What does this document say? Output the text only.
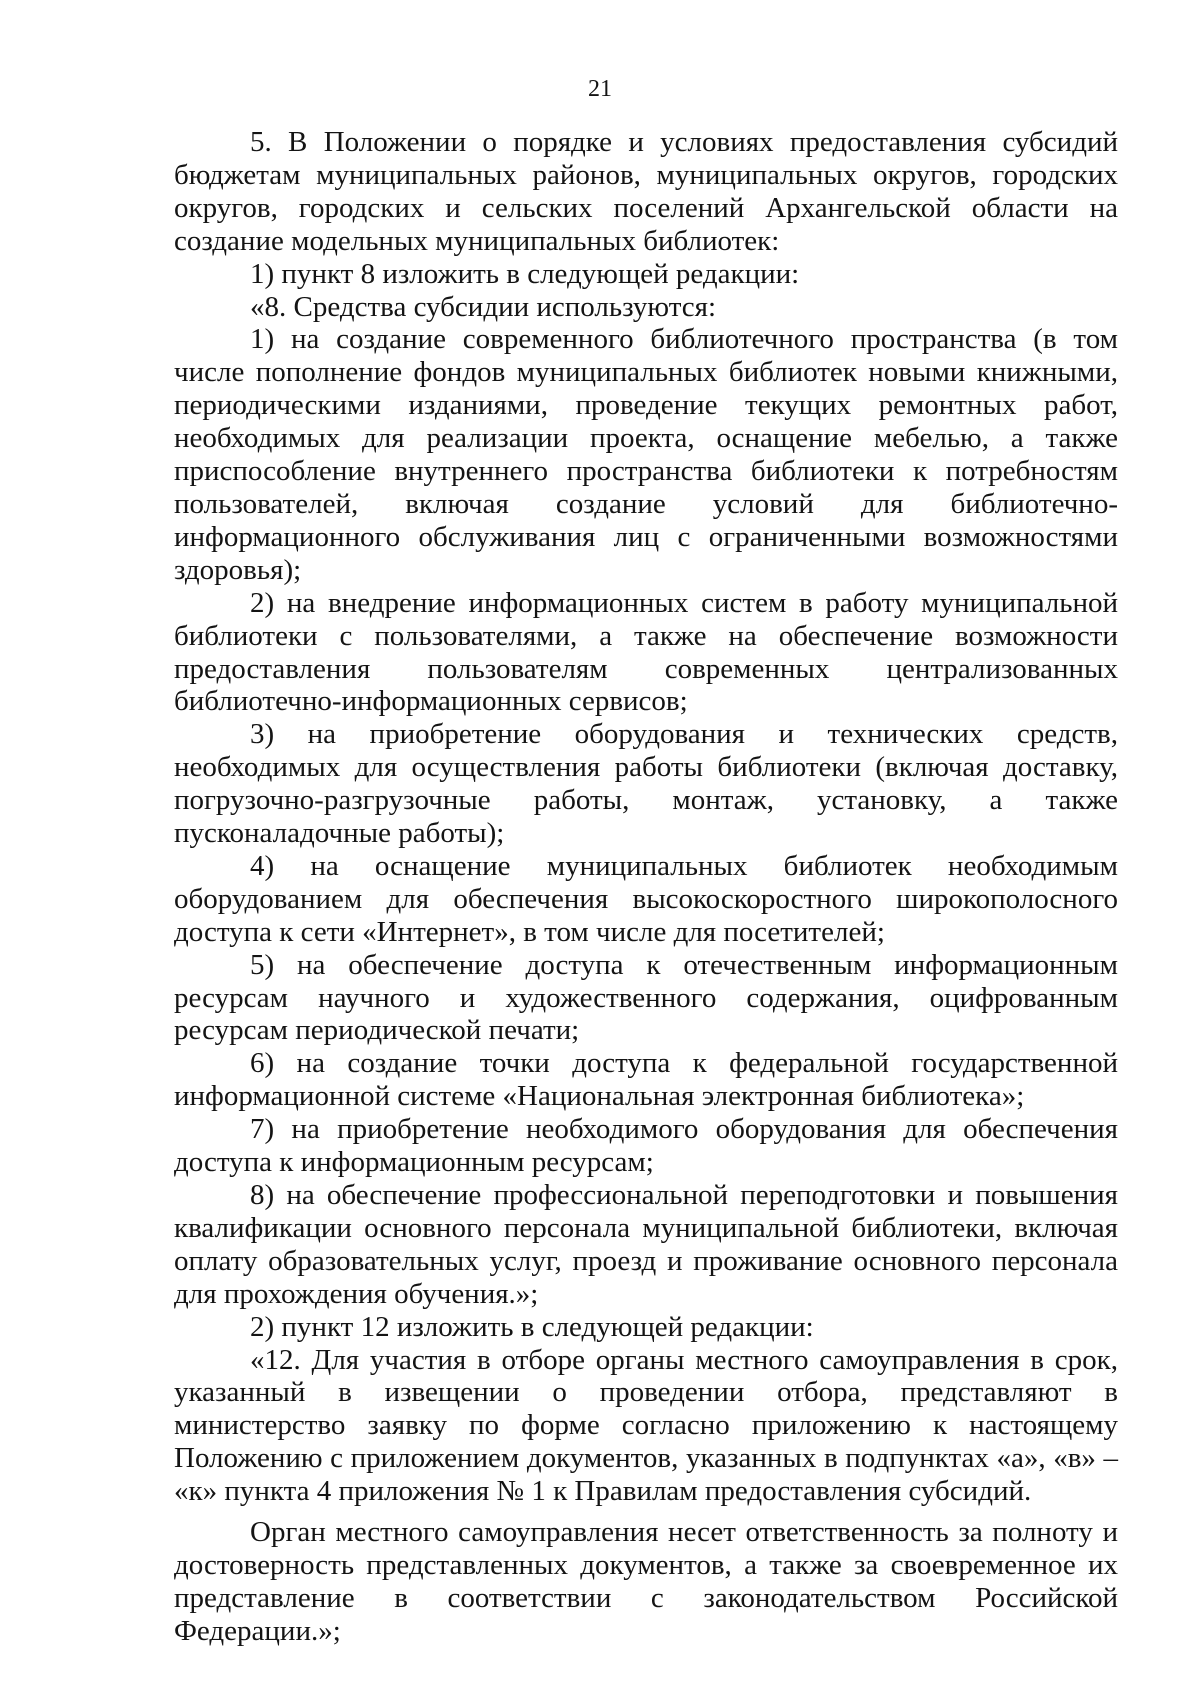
21

5. В Положении о порядке и условиях предоставления субсидий бюджетам муниципальных районов, муниципальных округов, городских округов, городских и сельских поселений Архангельской области на создание модельных муниципальных библиотек:

1) пункт 8 изложить в следующей редакции:

«8. Средства субсидии используются:

1) на создание современного библиотечного пространства (в том числе пополнение фондов муниципальных библиотек новыми книжными, периодическими изданиями, проведение текущих ремонтных работ, необходимых для реализации проекта, оснащение мебелью, а также приспособление внутреннего пространства библиотеки к потребностям пользователей, включая создание условий для библиотечно-информационного обслуживания лиц с ограниченными возможностями здоровья);

2) на внедрение информационных систем в работу муниципальной библиотеки с пользователями, а также на обеспечение возможности предоставления пользователям современных централизованных библиотечно-информационных сервисов;

3) на приобретение оборудования и технических средств, необходимых для осуществления работы библиотеки (включая доставку, погрузочно-разгрузочные работы, монтаж, установку, а также пусконаладочные работы);

4) на оснащение муниципальных библиотек необходимым оборудованием для обеспечения высокоскоростного широкополосного доступа к сети «Интернет», в том числе для посетителей;

5) на обеспечение доступа к отечественным информационным ресурсам научного и художественного содержания, оцифрованным ресурсам периодической печати;

6) на создание точки доступа к федеральной государственной информационной системе «Национальная электронная библиотека»;

7) на приобретение необходимого оборудования для обеспечения доступа к информационным ресурсам;

8) на обеспечение профессиональной переподготовки и повышения квалификации основного персонала муниципальной библиотеки, включая оплату образовательных услуг, проезд и проживание основного персонала для прохождения обучения.»;

2) пункт 12 изложить в следующей редакции:

«12. Для участия в отборе органы местного самоуправления в срок, указанный в извещении о проведении отбора, представляют в министерство заявку по форме согласно приложению к настоящему Положению с приложением документов, указанных в подпунктах «а», «в» – «к» пункта 4 приложения № 1 к Правилам предоставления субсидий.

Орган местного самоуправления несет ответственность за полноту и достоверность представленных документов, а также за своевременное их представление в соответствии с законодательством Российской Федерации.»;
